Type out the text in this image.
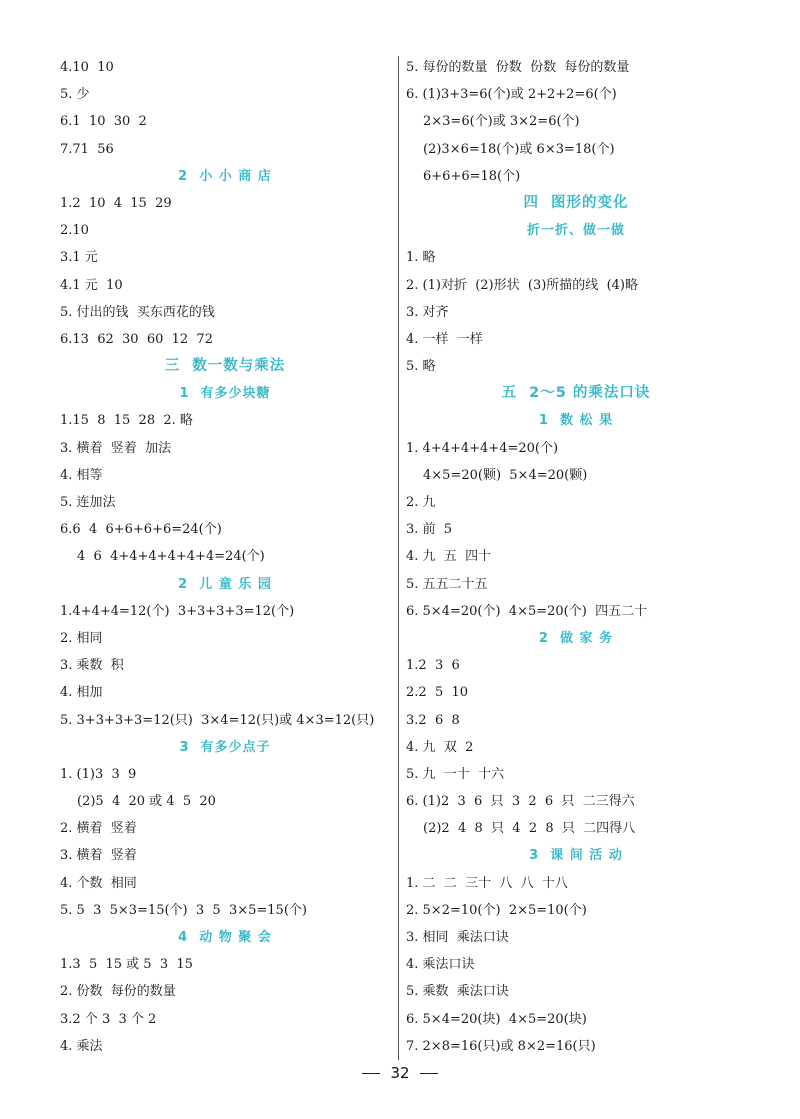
4.10  10
5. 少
6.1  10  30  2
7.71  56
2  小 小 商 店
1.2  10  4  15  29
2.10
3.1 元
4.1 元  10
5. 付出的钱  买东西花的钱
6.13  62  30  60  12  72
三  数一数与乘法
1  有多少块糖
1.15  8  15  28  2. 略
3. 横着  竖着  加法
4. 相等
5. 连加法
6.6  4  6+6+6+6=24(个)
4  6  4+4+4+4+4+4=24(个)
2  儿 童 乐 园
1.4+4+4=12(个)  3+3+3+3=12(个)
2. 相同
3. 乘数  积
4. 相加
5. 3+3+3+3=12(只)  3×4=12(只)或 4×3=12(只)
3  有多少点子
1. (1)3  3  9
(2)5  4  20 或 4  5  20
2. 横着  竖着
3. 横着  竖着
4. 个数  相同
5. 5  3  5×3=15(个)  3  5  3×5=15(个)
4  动 物 聚 会
1.3  5  15 或 5  3  15
2. 份数  每份的数量
3.2 个 3  3 个 2
4. 乘法
5. 每份的数量  份数  份数  每份的数量
6. (1)3+3=6(个)或 2+2+2=6(个)
2×3=6(个)或 3×2=6(个)
(2)3×6=18(个)或 6×3=18(个)
6+6+6=18(个)
四  图形的变化
折一折、做一做
1. 略
2. (1)对折  (2)形状  (3)所描的线  (4)略
3. 对齐
4. 一样  一样
5. 略
五  2～5 的乘法口诀
1  数 松 果
1. 4+4+4+4+4=20(个)
4×5=20(颗)  5×4=20(颗)
2. 九
3. 前  5
4. 九  五  四十
5. 五五二十五
6. 5×4=20(个)  4×5=20(个)  四五二十
2  做 家 务
1.2  3  6
2.2  5  10
3.2  6  8
4. 九  双  2
5. 九  一十  十六
6. (1)2  3  6  只  3  2  6  只  二三得六
(2)2  4  8  只  4  2  8  只  二四得八
3  课 间 活 动
1. 二  二  三十  八  八  十八
2. 5×2=10(个)  2×5=10(个)
3. 相同  乘法口诀
4. 乘法口诀
5. 乘数  乘法口诀
6. 5×4=20(块)  4×5=20(块)
7. 2×8=16(只)或 8×2=16(只)
32
